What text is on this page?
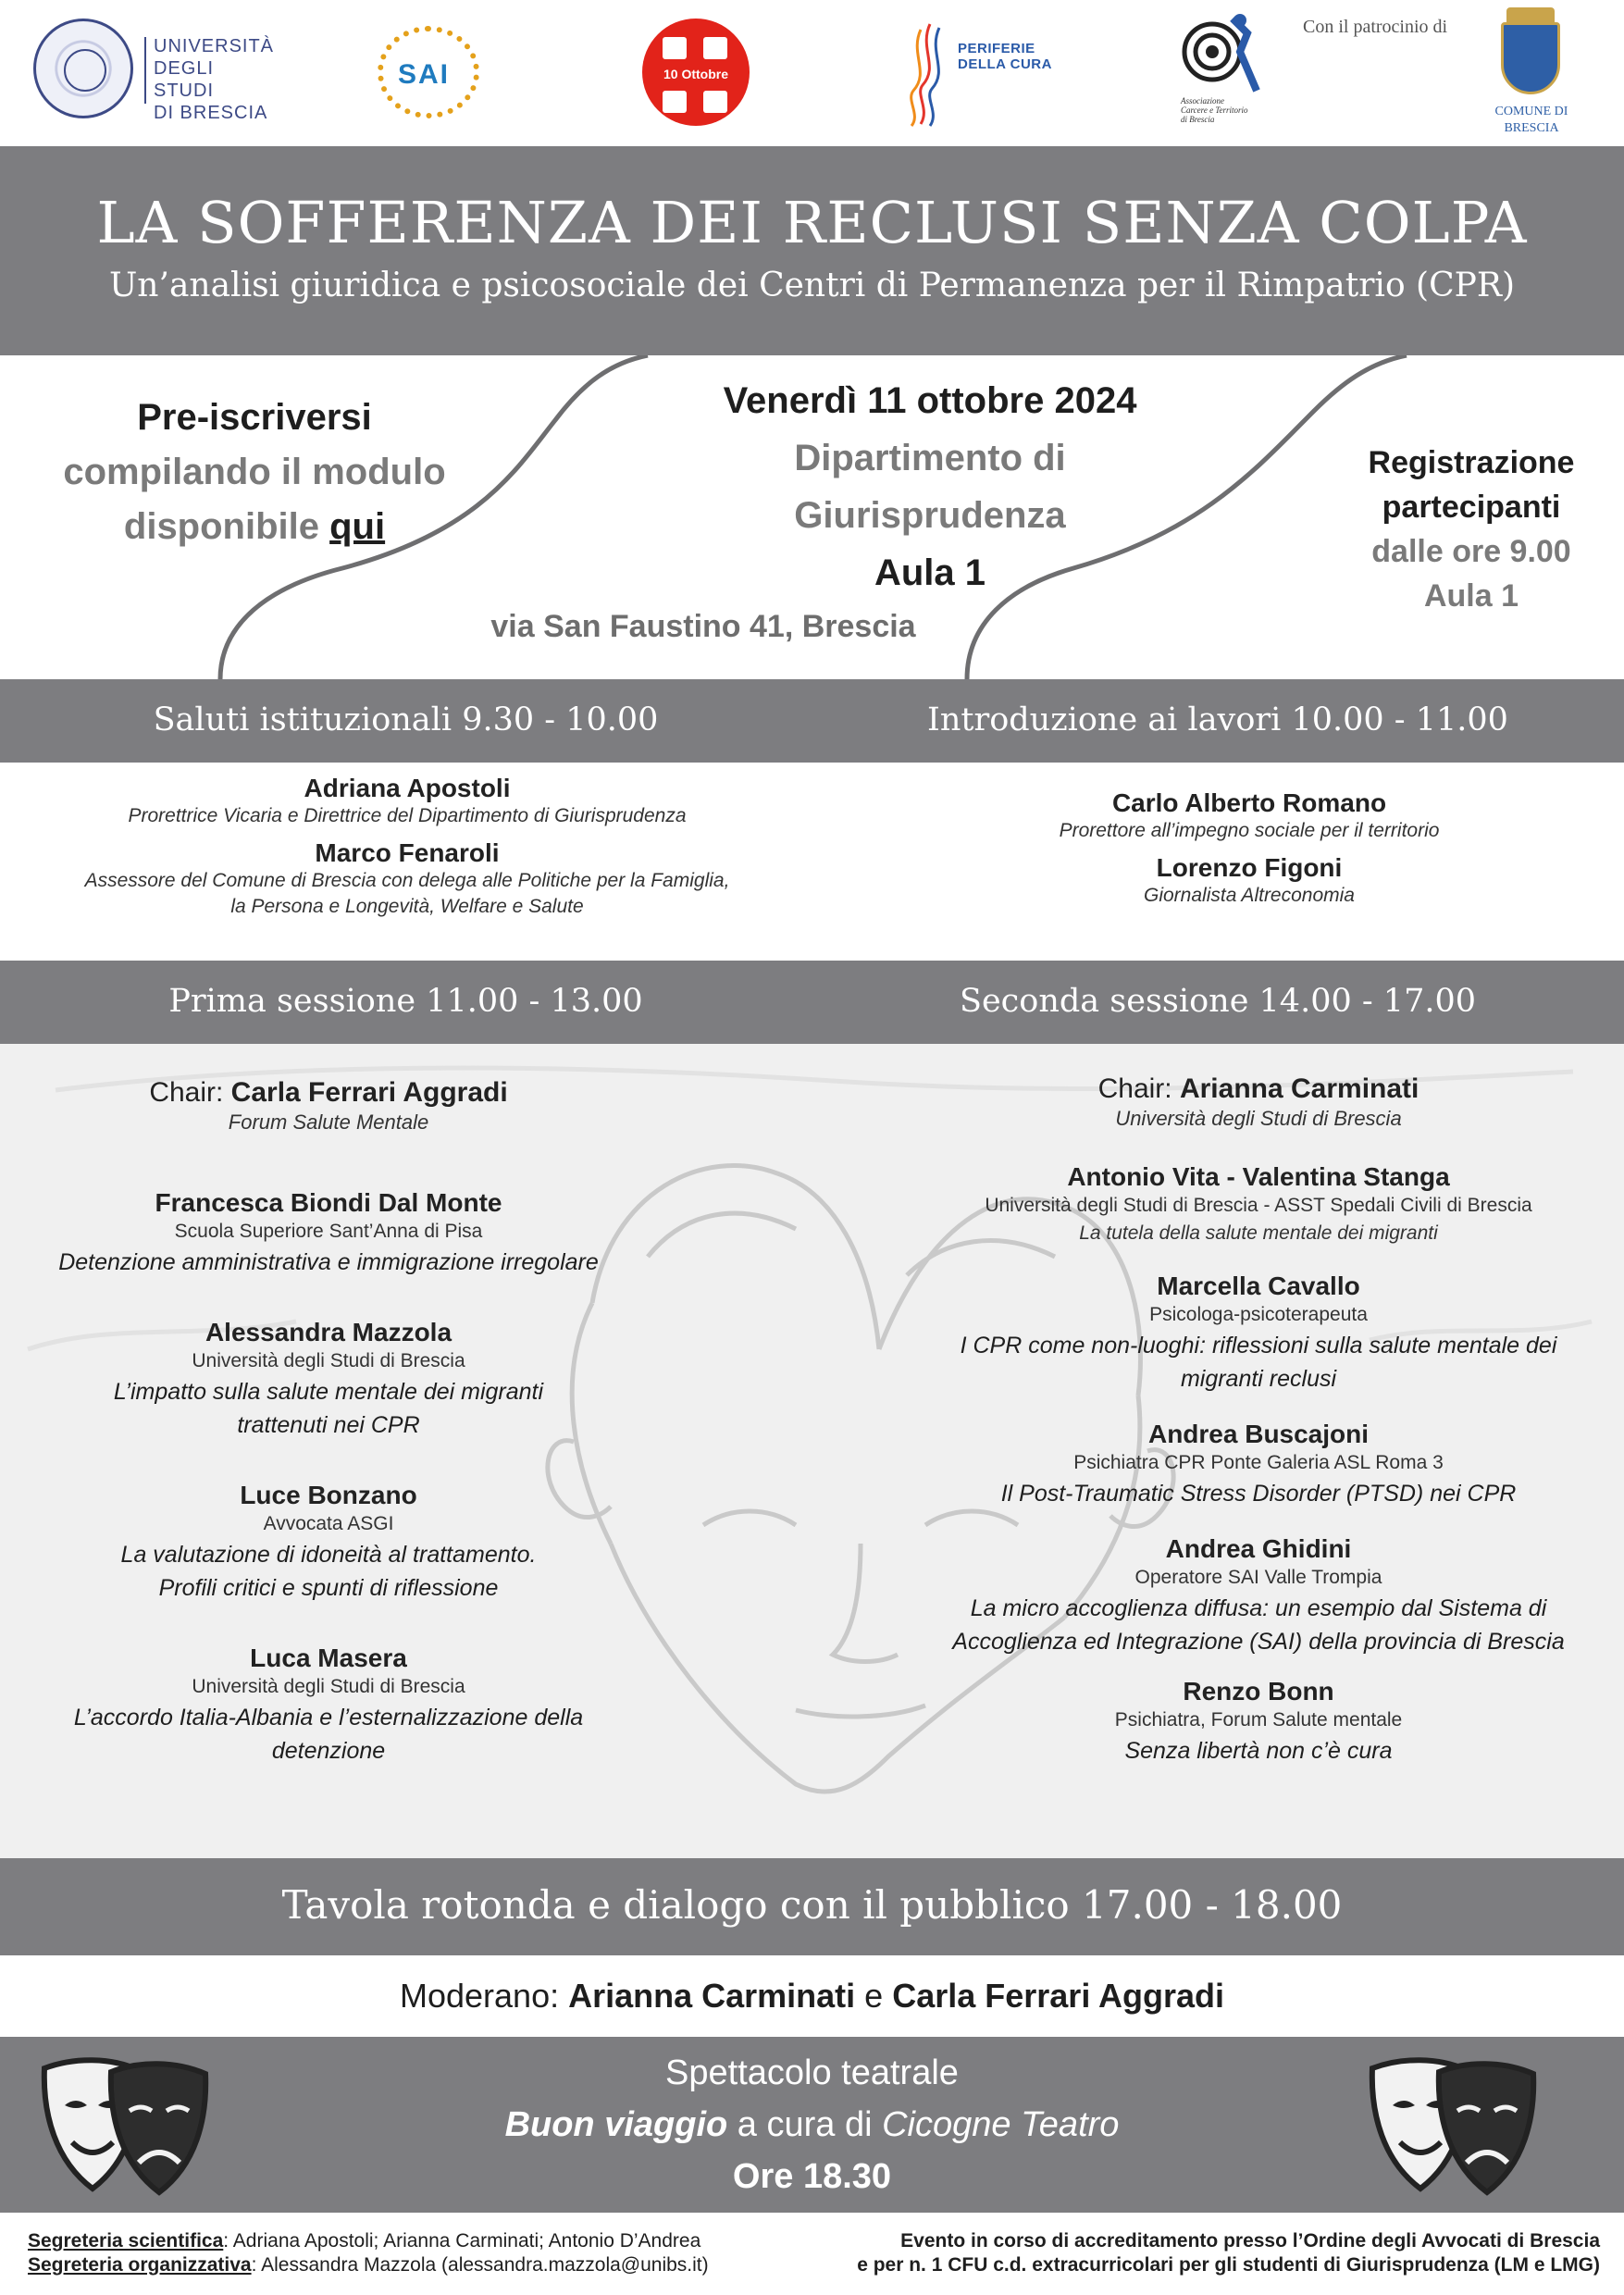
UNIVERSITÀ
DEGLI STUDI
DI BRESCIA
SAI	10 Ottobre
PERIFERIE
DELLA CURA
Associazione
Carcere e Territorio
di Brescia
Con il patrocinio di
COMUNE DI
BRESCIA
LA SOFFERENZA DEI RECLUSI SENZA COLPA
Un’analisi giuridica e psicosociale dei Centri di Permanenza per il Rimpatrio (CPR)
Pre-iscriversi
compilando il modulo
disponibile qui
Venerdì 11 ottobre 2024
Dipartimento di
Giurisprudenza
Aula 1
via San Faustino 41, Brescia
Registrazione
partecipanti
dalle ore 9.00
Aula 1
Saluti istituzionali 9.30 - 10.00	Introduzione ai lavori 10.00 - 11.00
Adriana Apostoli
Prorettrice Vicaria e Direttrice del Dipartimento di Giurisprudenza
Marco Fenaroli
Assessore del Comune di Brescia con delega alle Politiche per la Famiglia,
la Persona e Longevità, Welfare e Salute
Carlo Alberto Romano
Prorettore all’impegno sociale per il territorio
Lorenzo Figoni
Giornalista Altreconomia
Prima sessione 11.00 - 13.00	Seconda sessione 14.00 - 17.00
Chair: Carla Ferrari Aggradi
Forum Salute Mentale
Francesca Biondi Dal Monte
Scuola Superiore Sant’Anna di Pisa
Detenzione amministrativa e immigrazione irregolare
Alessandra Mazzola
Università degli Studi di Brescia
L’impatto sulla salute mentale dei migranti
trattenuti nei CPR
Luce Bonzano
Avvocata ASGI
La valutazione di idoneità al trattamento.
Profili critici e spunti di riflessione
Luca Masera
Università degli Studi di Brescia
L’accordo Italia-Albania e l’esternalizzazione della
detenzione
Chair: Arianna Carminati
Università degli Studi di Brescia
Antonio Vita - Valentina Stanga
Università degli Studi di Brescia - ASST Spedali Civili di Brescia
La tutela della salute mentale dei migranti
Marcella Cavallo
Psicologa-psicoterapeuta
I CPR come non-luoghi: riflessioni sulla salute mentale dei
migranti reclusi
Andrea Buscajoni
Psichiatra CPR Ponte Galeria ASL Roma 3
Il Post-Traumatic Stress Disorder (PTSD) nei CPR
Andrea Ghidini
Operatore SAI Valle Trompia
La micro accoglienza diffusa: un esempio dal Sistema di
Accoglienza ed Integrazione (SAI) della provincia di Brescia
Renzo Bonn
Psichiatra, Forum Salute mentale
Senza libertà non c’è cura
Tavola rotonda e dialogo con il pubblico 17.00 - 18.00
Moderano: Arianna Carminati e Carla Ferrari Aggradi
Spettacolo teatrale
Buon viaggio a cura di Cicogne Teatro
Ore 18.30
Segreteria scientifica: Adriana Apostoli; Arianna Carminati; Antonio D’Andrea
Segreteria organizzativa: Alessandra Mazzola (alessandra.mazzola@unibs.it)
Evento in corso di accreditamento presso l’Ordine degli Avvocati di Brescia
e per n. 1 CFU c.d. extracurricolari per gli studenti di Giurisprudenza (LM e LMG)
